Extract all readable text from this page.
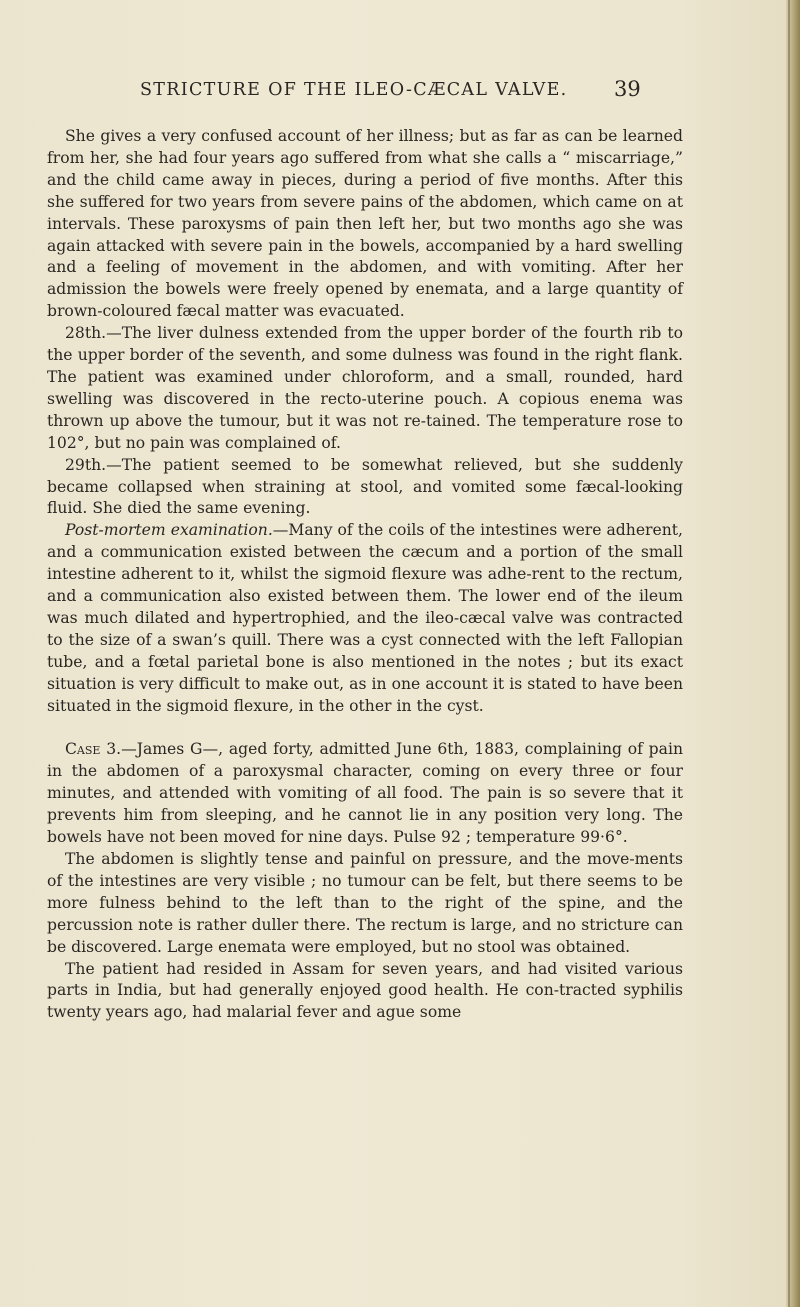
STRICTURE OF THE ILEO-CÆCAL VALVE. 39

She gives a very confused account of her illness; but as far as can be learned from her, she had four years ago suffered from what she calls a “ miscarriage,” and the child came away in pieces, during a period of five months. After this she suffered for two years from severe pains of the abdomen, which came on at intervals. These paroxysms of pain then left her, but two months ago she was again attacked with severe pain in the bowels, accompanied by a hard swelling and a feeling of movement in the abdomen, and with vomiting. After her admission the bowels were freely opened by enemata, and a large quantity of brown-coloured fæcal matter was evacuated.

28th.—The liver dulness extended from the upper border of the fourth rib to the upper border of the seventh, and some dulness was found in the right flank. The patient was examined under chloroform, and a small, rounded, hard swelling was discovered in the recto-uterine pouch. A copious enema was thrown up above the tumour, but it was not re-tained. The temperature rose to 102°, but no pain was complained of.

29th.—The patient seemed to be somewhat relieved, but she suddenly became collapsed when straining at stool, and vomited some fæcal-looking fluid. She died the same evening.

Post-mortem examination.—Many of the coils of the intestines were adherent, and a communication existed between the cæcum and a portion of the small intestine adherent to it, whilst the sigmoid flexure was adhe-rent to the rectum, and a communication also existed between them. The lower end of the ileum was much dilated and hypertrophied, and the ileo-cæcal valve was contracted to the size of a swan’s quill. There was a cyst connected with the left Fallopian tube, and a fœtal parietal bone is also mentioned in the notes ; but its exact situation is very difficult to make out, as in one account it is stated to have been situated in the sigmoid flexure, in the other in the cyst.

Case 3.—James G—, aged forty, admitted June 6th, 1883, complaining of pain in the abdomen of a paroxysmal character, coming on every three or four minutes, and attended with vomiting of all food. The pain is so severe that it prevents him from sleeping, and he cannot lie in any position very long. The bowels have not been moved for nine days. Pulse 92 ; temperature 99·6°.

The abdomen is slightly tense and painful on pressure, and the move-ments of the intestines are very visible ; no tumour can be felt, but there seems to be more fulness behind to the left than to the right of the spine, and the percussion note is rather duller there. The rectum is large, and no stricture can be discovered. Large enemata were employed, but no stool was obtained.

The patient had resided in Assam for seven years, and had visited various parts in India, but had generally enjoyed good health. He con-tracted syphilis twenty years ago, had malarial fever and ague some
